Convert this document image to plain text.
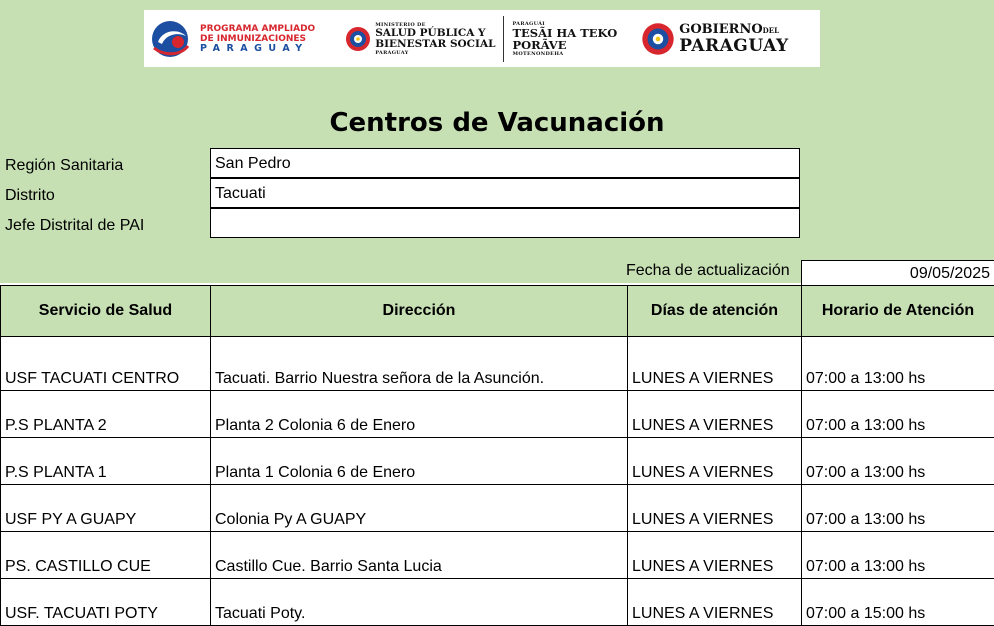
PROGRAMA AMPLIADO
DE INMUNIZACIONES
PARAGUAY
MINISTERIO DE
SALUD PÚBLICA Y
BIENESTAR SOCIAL
PARAGUAY
PARAGUÁI
TESÃI HA TEKO
PORÃVE
MOTENONDEHA
GOBIERNODEL
PARAGUAY
Centros de Vacunación
Región Sanitaria	San Pedro
Distrito	Tacuati
Jefe Distrital de PAI
Fecha de actualización	09/05/2025
Servicio de Salud	Dirección	Días de atención	Horario de Atención
USF TACUATI CENTRO	Tacuati. Barrio Nuestra señora de la Asunción.	LUNES A VIERNES	07:00 a 13:00 hs
P.S PLANTA 2	Planta 2 Colonia 6 de Enero	LUNES A VIERNES	07:00 a 13:00 hs
P.S PLANTA 1	Planta 1 Colonia 6 de Enero	LUNES A VIERNES	07:00 a 13:00 hs
USF PY A GUAPY	Colonia Py A GUAPY	LUNES A VIERNES	07:00 a 13:00 hs
PS. CASTILLO CUE	Castillo Cue. Barrio Santa Lucia	LUNES A VIERNES	07:00 a 13:00 hs
USF. TACUATI POTY	Tacuati Poty.	LUNES A VIERNES	07:00 a 15:00 hs
